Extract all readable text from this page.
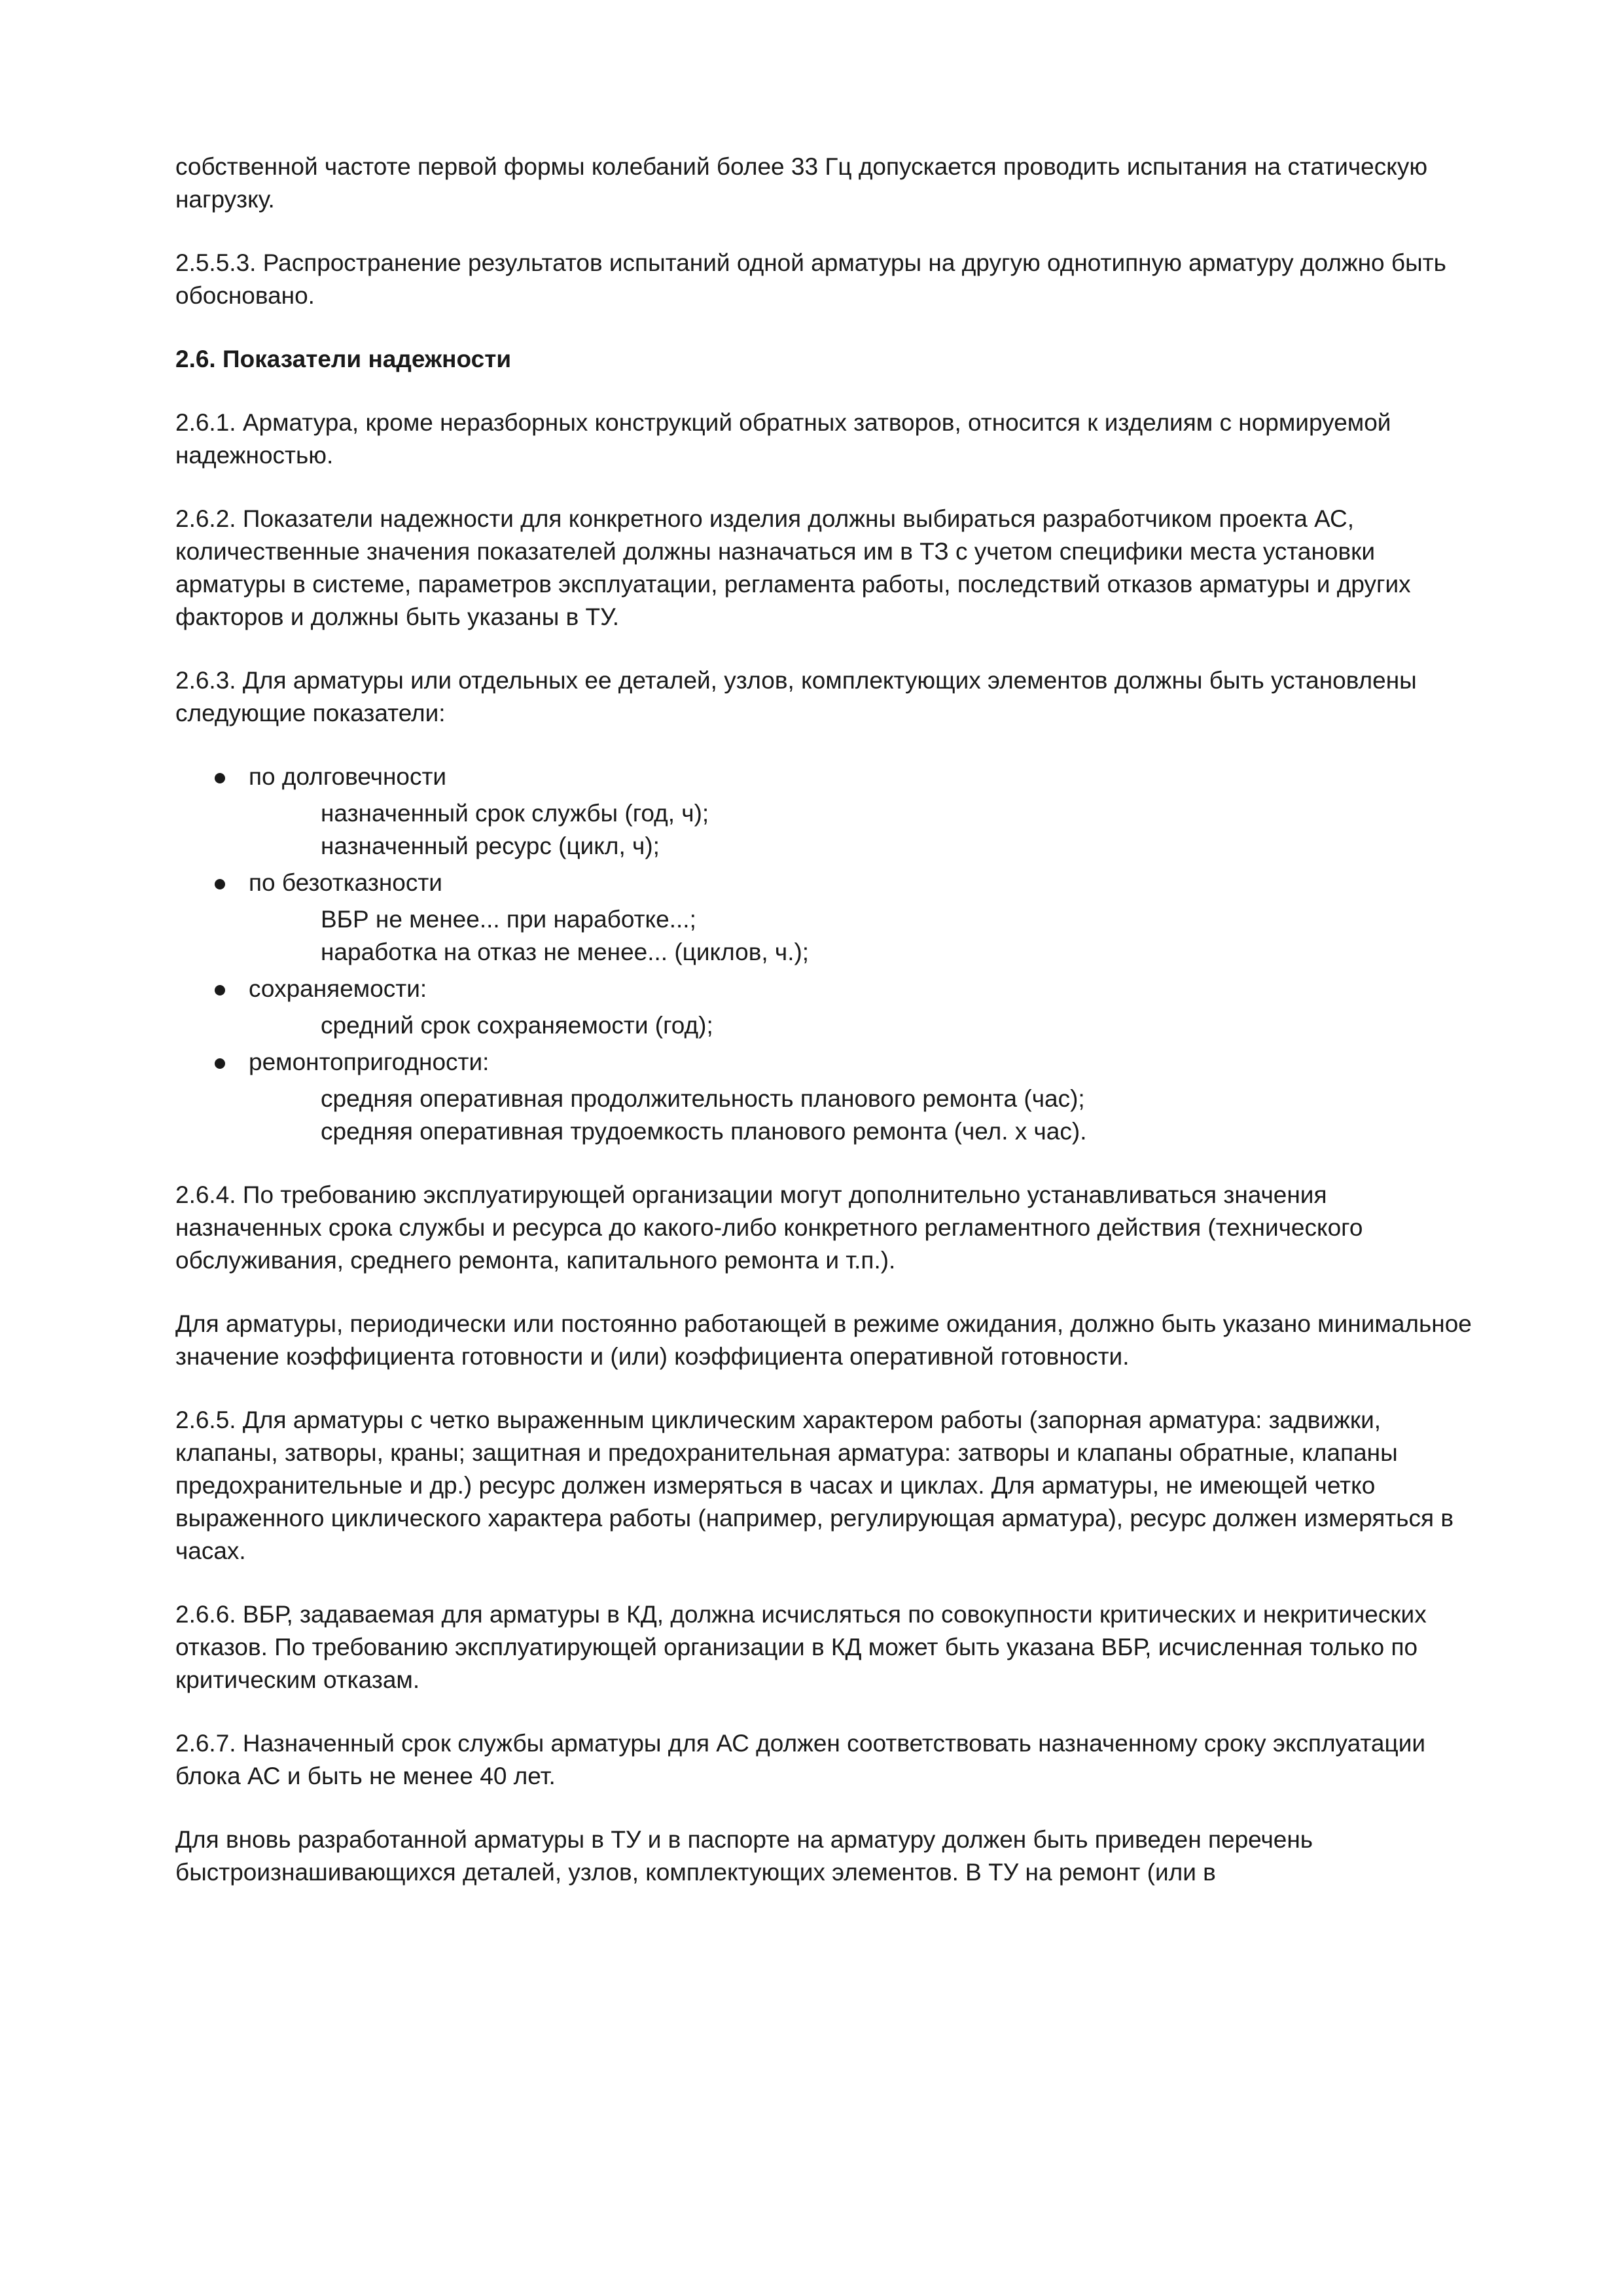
собственной частоте первой формы колебаний более 33 Гц допускается проводить испытания на статическую нагрузку.

2.5.5.3. Распространение результатов испытаний одной арматуры на другую однотипную арматуру должно быть обосновано.

2.6. Показатели надежности

2.6.1. Арматура, кроме неразборных конструкций обратных затворов, относится к изделиям с нормируемой надежностью.

2.6.2. Показатели надежности для конкретного изделия должны выбираться разработчиком проекта АС, количественные значения показателей должны назначаться им в ТЗ с учетом специфики места установки арматуры в системе, параметров эксплуатации, регламента работы, последствий отказов арматуры и других факторов и должны быть указаны в ТУ.

2.6.3. Для арматуры или отдельных ее деталей, узлов, комплектующих элементов должны быть установлены следующие показатели:

по долговечности
назначенный срок службы (год, ч);
назначенный ресурс (цикл, ч);
по безотказности
ВБР не менее... при наработке...;
наработка на отказ не менее... (циклов, ч.);
сохраняемости:
средний срок сохраняемости (год);
ремонтопригодности:
средняя оперативная продолжительность планового ремонта (час);
средняя оперативная трудоемкость планового ремонта (чел. х час).

2.6.4. По требованию эксплуатирующей организации могут дополнительно устанавливаться значения назначенных срока службы и ресурса до какого-либо конкретного регламентного действия (технического обслуживания, среднего ремонта, капитального ремонта и т.п.).

Для арматуры, периодически или постоянно работающей в режиме ожидания, должно быть указано минимальное значение коэффициента готовности и (или) коэффициента оперативной готовности.

2.6.5. Для арматуры с четко выраженным циклическим характером работы (запорная арматура: задвижки, клапаны, затворы, краны; защитная и предохранительная арматура: затворы и клапаны обратные, клапаны предохранительные и др.) ресурс должен измеряться в часах и циклах. Для арматуры, не имеющей четко выраженного циклического характера работы (например, регулирующая арматура), ресурс должен измеряться в часах.

2.6.6. ВБР, задаваемая для арматуры в КД, должна исчисляться по совокупности критических и некритических отказов. По требованию эксплуатирующей организации в КД может быть указана ВБР, исчисленная только по критическим отказам.

2.6.7. Назначенный срок службы арматуры для АС должен соответствовать назначенному сроку эксплуатации блока АС и быть не менее 40 лет.

Для вновь разработанной арматуры в ТУ и в паспорте на арматуру должен быть приведен перечень быстроизнашивающихся деталей, узлов, комплектующих элементов. В ТУ на ремонт (или в
